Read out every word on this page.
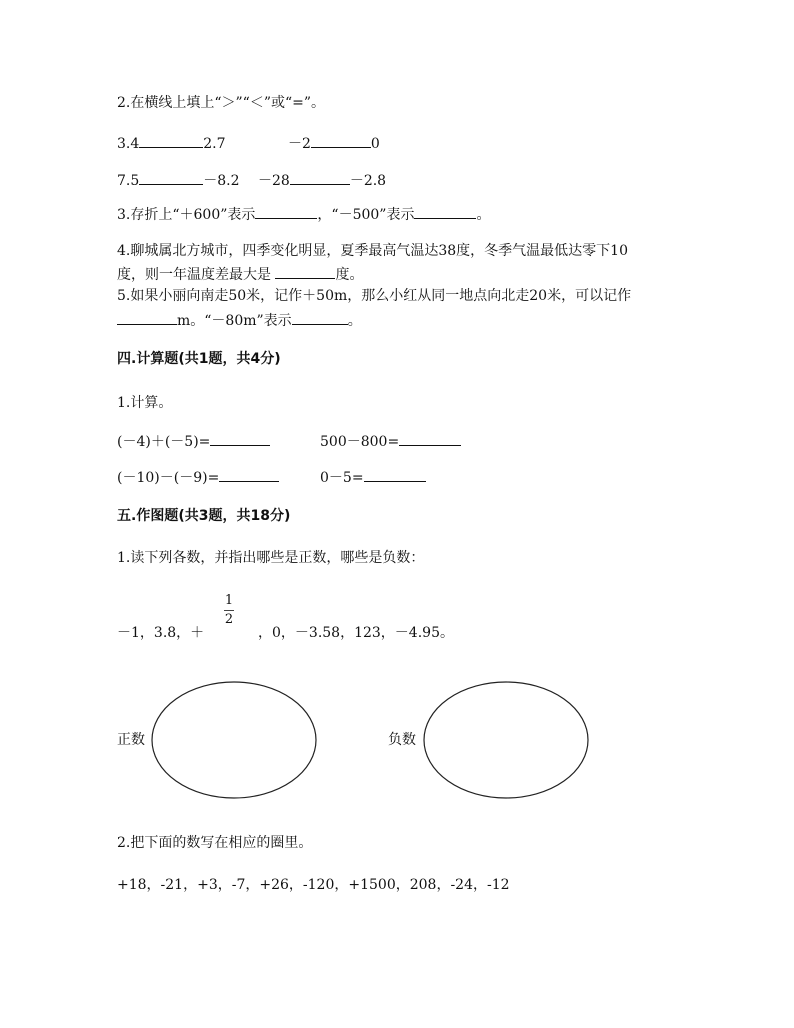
2.在横线上填上“＞”“＜”或“=”。
3.4	2.7	－2	0
7.5	－8.2 －28	－2.8
3.存折上“＋600”表示	，“－500”表示	。
4.聊城属北方城市，四季变化明显，夏季最高气温达38度，冬季气温最低达零下10
度，则一年温度差最大是	度。
5.如果小丽向南走50米，记作＋50m，那么小红从同一地点向北走20米，可以记作
m。“－80m”表示	。
四.计算题(共1题，共4分)
1.计算。
(－4)＋(－5)=	500－800=
(－10)－(－9)=	0－5=
五.作图题(共3题，共18分)
1.读下列各数，并指出哪些是正数，哪些是负数：
－1，3.8，＋
1
2
，0，－3.58，123，－4.95。
正数	负数
2.把下面的数写在相应的圈里。
+18，-21，+3，-7，+26，-120，+1500，208，-24，-12
